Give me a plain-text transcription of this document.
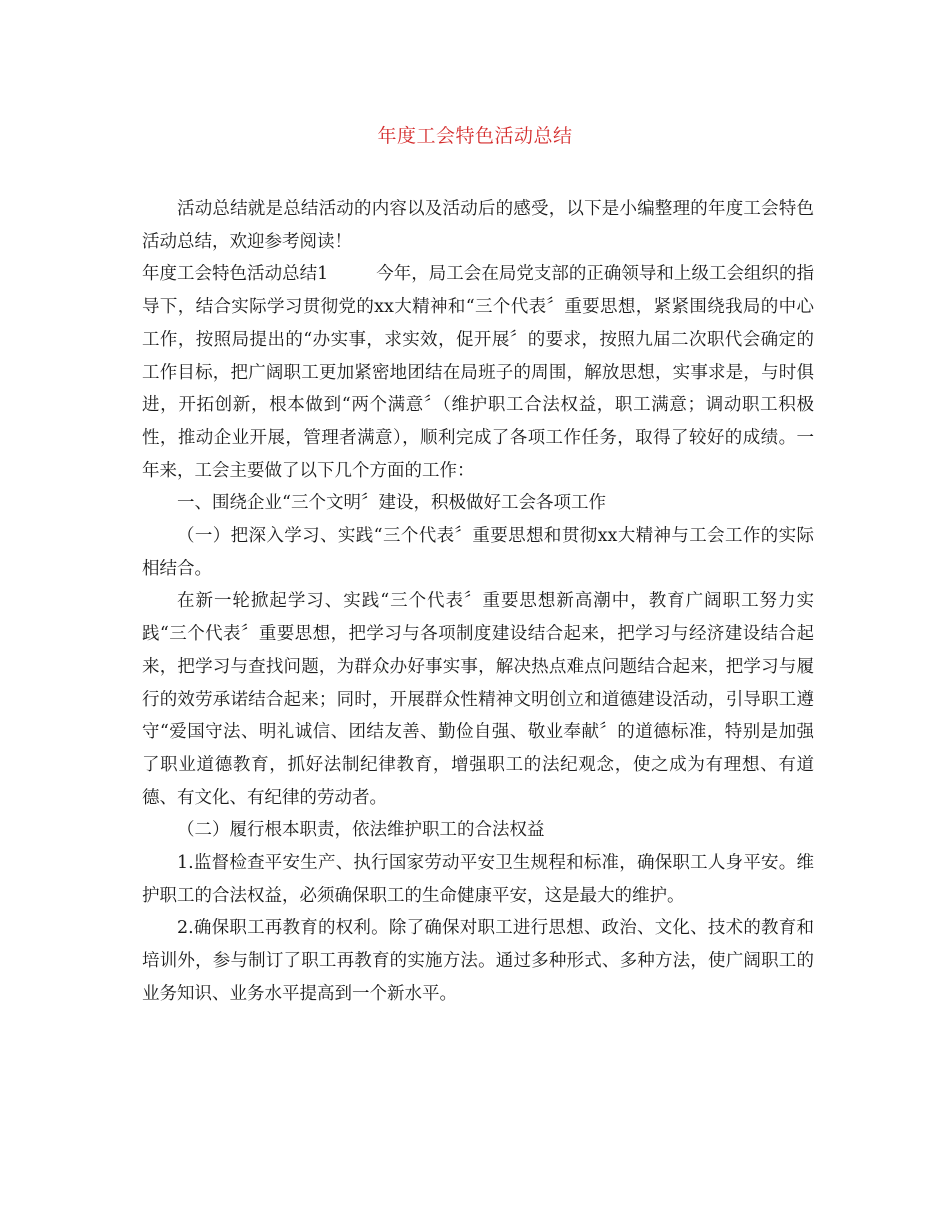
年度工会特色活动总结

活动总结就是总结活动的内容以及活动后的感受，以下是小编整理的年度工会特色活动总结，欢迎参考阅读！

年度工会特色活动总结1	今年，局工会在局党支部的正确领导和上级工会组织的指导下，结合实际学习贯彻党的xx大精神和“三个代表〞重要思想，紧紧围绕我局的中心工作，按照局提出的“办实事，求实效，促开展〞的要求，按照九届二次职代会确定的工作目标，把广阔职工更加紧密地团结在局班子的周围，解放思想，实事求是，与时俱进，开拓创新，根本做到“两个满意〞（维护职工合法权益，职工满意；调动职工积极性，推动企业开展，管理者满意），顺利完成了各项工作任务，取得了较好的成绩。一年来，工会主要做了以下几个方面的工作：

一、围绕企业“三个文明〞建设，积极做好工会各项工作

（一）把深入学习、实践“三个代表〞重要思想和贯彻xx大精神与工会工作的实际相结合。

在新一轮掀起学习、实践“三个代表〞重要思想新高潮中，教育广阔职工努力实践“三个代表〞重要思想，把学习与各项制度建设结合起来，把学习与经济建设结合起来，把学习与查找问题，为群众办好事实事，解决热点难点问题结合起来，把学习与履行的效劳承诺结合起来；同时，开展群众性精神文明创立和道德建设活动，引导职工遵守“爱国守法、明礼诚信、团结友善、勤俭自强、敬业奉献〞的道德标准，特别是加强了职业道德教育，抓好法制纪律教育，增强职工的法纪观念，使之成为有理想、有道德、有文化、有纪律的劳动者。

（二）履行根本职责，依法维护职工的合法权益

1.监督检查平安生产、执行国家劳动平安卫生规程和标准，确保职工人身平安。维护职工的合法权益，必须确保职工的生命健康平安，这是最大的维护。

2.确保职工再教育的权利。除了确保对职工进行思想、政治、文化、技术的教育和培训外，参与制订了职工再教育的实施方法。通过多种形式、多种方法，使广阔职工的业务知识、业务水平提高到一个新水平。
